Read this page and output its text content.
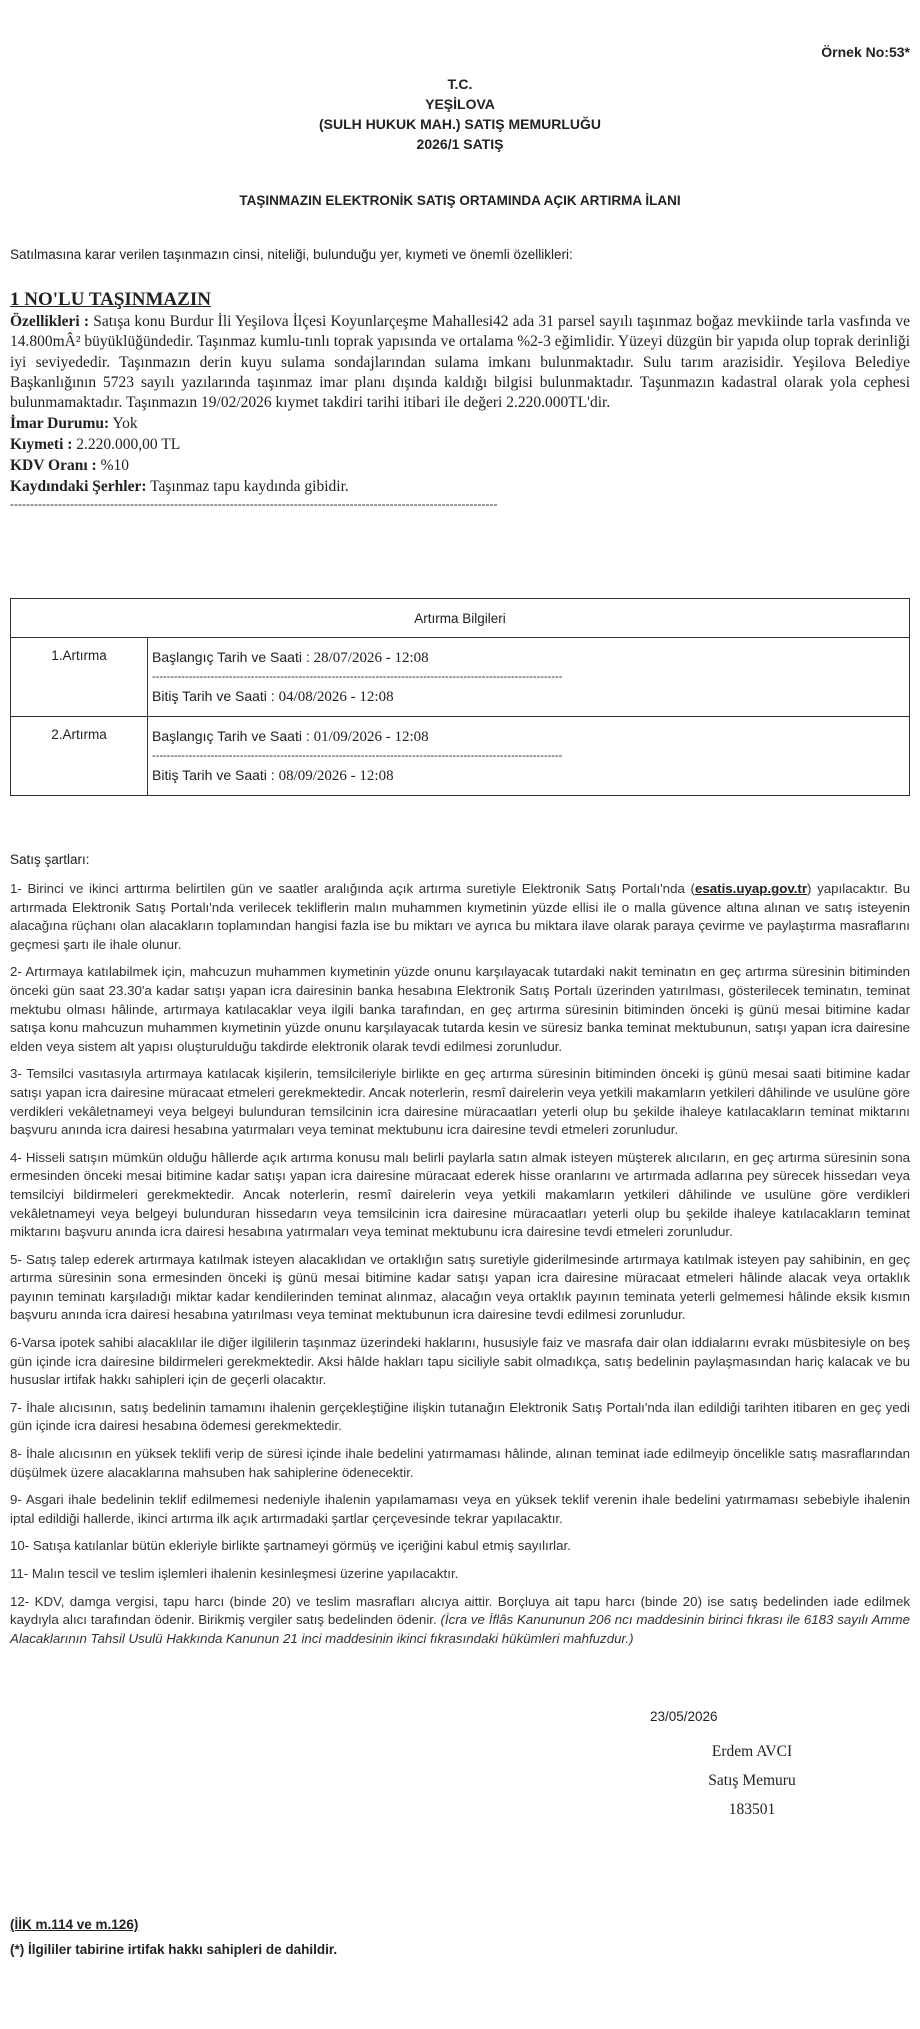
Örnek No:53*
T.C.
YEŞİLOVA
(SULH HUKUK MAH.) SATIŞ MEMURLUĞU
2026/1 SATIŞ
TAŞINMAZIN ELEKTRONİK SATIŞ ORTAMINDA AÇIK ARTIRMA İLANI
Satılmasına karar verilen taşınmazın cinsi, niteliği, bulunduğu yer, kıymeti ve önemli özellikleri:
1 NO'LU TAŞINMAZIN
Özellikleri : Satışa konu Burdur İli Yeşilova İlçesi Koyunlarçeşme Mahallesi42 ada 31 parsel sayılı taşınmaz boğaz mevkiinde tarla vasfında ve 14.800mÂ² büyüklüğündedir. Taşınmaz kumlu-tınlı toprak yapısında ve ortalama %2-3 eğimlidir. Yüzeyi düzgün bir yapıda olup toprak derinliği iyi seviyededir. Taşınmazın derin kuyu sulama sondajlarından sulama imkanı bulunmaktadır. Sulu tarım arazisidir. Yeşilova Belediye Başkanlığının 5723 sayılı yazılarında taşınmaz imar planı dışında kaldığı bilgisi bulunmaktadır. Taşunmazın kadastral olarak yola cephesi bulunmamaktadır. Taşınmazın 19/02/2026 kıymet takdiri tarihi itibari ile değeri 2.220.000TL'dir.
İmar Durumu: Yok
Kıymeti : 2.220.000,00 TL
KDV Oranı : %10
Kaydındaki Şerhler: Taşınmaz tapu kaydında gibidir.
--------------------------------------------------------------------------------------------------------------------------
Artırma Bilgileri	
1.Artırma	Başlangıç Tarih ve Saati : 28/07/2026 - 12:08
----------------------------------------------------------------------------------------------------------------
Bitiş Tarih ve Saati : 04/08/2026 - 12:08

2.Artırma	Başlangıç Tarih ve Saati : 01/09/2026 - 12:08
----------------------------------------------------------------------------------------------------------------
Bitiş Tarih ve Saati : 08/09/2026 - 12:08
Satış şartları:

1- Birinci ve ikinci arttırma belirtilen gün ve saatler aralığında açık artırma suretiyle Elektronik Satış Portalı'nda (esatis.uyap.gov.tr) yapılacaktır. Bu artırmada Elektronik Satış Portalı'nda verilecek tekliflerin malın muhammen kıymetinin yüzde ellisi ile o malla güvence altına alınan ve satış isteyenin alacağına rüçhanı olan alacakların toplamından hangisi fazla ise bu miktarı ve ayrıca bu miktara ilave olarak paraya çevirme ve paylaştırma masraflarını geçmesi şartı ile ihale olunur.

2- Artırmaya katılabilmek için, mahcuzun muhammen kıymetinin yüzde onunu karşılayacak tutardaki nakit teminatın en geç artırma süresinin bitiminden önceki gün saat 23.30'a kadar satışı yapan icra dairesinin banka hesabına Elektronik Satış Portalı üzerinden yatırılması, gösterilecek teminatın, teminat mektubu olması hâlinde, artırmaya katılacaklar veya ilgili banka tarafından, en geç artırma süresinin bitiminden önceki iş günü mesai bitimine kadar satışa konu mahcuzun muhammen kıymetinin yüzde onunu karşılayacak tutarda kesin ve süresiz banka teminat mektubunun, satışı yapan icra dairesine elden veya sistem alt yapısı oluşturulduğu takdirde elektronik olarak tevdi edilmesi zorunludur.

3- Temsilci vasıtasıyla artırmaya katılacak kişilerin, temsilcileriyle birlikte en geç artırma süresinin bitiminden önceki iş günü mesai saati bitimine kadar satışı yapan icra dairesine müracaat etmeleri gerekmektedir. Ancak noterlerin, resmî dairelerin veya yetkili makamların yetkileri dâhilinde ve usulüne göre verdikleri vekâletnameyi veya belgeyi bulunduran temsilcinin icra dairesine müracaatları yeterli olup bu şekilde ihaleye katılacakların teminat miktarını başvuru anında icra dairesi hesabına yatırmaları veya teminat mektubunu icra dairesine tevdi etmeleri zorunludur.

4- Hisseli satışın mümkün olduğu hâllerde açık artırma konusu malı belirli paylarla satın almak isteyen müşterek alıcıların, en geç artırma süresinin sona ermesinden önceki mesai bitimine kadar satışı yapan icra dairesine müracaat ederek hisse oranlarını ve artırmada adlarına pey sürecek hissedarı veya temsilciyi bildirmeleri gerekmektedir. Ancak noterlerin, resmî dairelerin veya yetkili makamların yetkileri dâhilinde ve usulüne göre verdikleri vekâletnameyi veya belgeyi bulunduran hissedarın veya temsilcinin icra dairesine müracaatları yeterli olup bu şekilde ihaleye katılacakların teminat miktarını başvuru anında icra dairesi hesabına yatırmaları veya teminat mektubunu icra dairesine tevdi etmeleri zorunludur.

5- Satış talep ederek artırmaya katılmak isteyen alacaklıdan ve ortaklığın satış suretiyle giderilmesinde artırmaya katılmak isteyen pay sahibinin, en geç artırma süresinin sona ermesinden önceki iş günü mesai bitimine kadar satışı yapan icra dairesine müracaat etmeleri hâlinde alacak veya ortaklık payının teminatı karşıladığı miktar kadar kendilerinden teminat alınmaz, alacağın veya ortaklık payının teminata yeterli gelmemesi hâlinde eksik kısmın başvuru anında icra dairesi hesabına yatırılması veya teminat mektubunun icra dairesine tevdi edilmesi zorunludur.

6-Varsa ipotek sahibi alacaklılar ile diğer ilgililerin taşınmaz üzerindeki haklarını, hususiyle faiz ve masrafa dair olan iddialarını evrakı müsbitesiyle on beş gün içinde icra dairesine bildirmeleri gerekmektedir. Aksi hâlde hakları tapu siciliyle sabit olmadıkça, satış bedelinin paylaşmasından hariç kalacak ve bu hususlar irtifak hakkı sahipleri için de geçerli olacaktır.

7- İhale alıcısının, satış bedelinin tamamını ihalenin gerçekleştiğine ilişkin tutanağın Elektronik Satış Portalı'nda ilan edildiği tarihten itibaren en geç yedi gün içinde icra dairesi hesabına ödemesi gerekmektedir.

8- İhale alıcısının en yüksek teklifi verip de süresi içinde ihale bedelini yatırmaması hâlinde, alınan teminat iade edilmeyip öncelikle satış masraflarından düşülmek üzere alacaklarına mahsuben hak sahiplerine ödenecektir.

9- Asgari ihale bedelinin teklif edilmemesi nedeniyle ihalenin yapılamaması veya en yüksek teklif verenin ihale bedelini yatırmaması sebebiyle ihalenin iptal edildiği hallerde, ikinci artırma ilk açık artırmadaki şartlar çerçevesinde tekrar yapılacaktır.

10- Satışa katılanlar bütün ekleriyle birlikte şartnameyi görmüş ve içeriğini kabul etmiş sayılırlar.

11- Malın tescil ve teslim işlemleri ihalenin kesinleşmesi üzerine yapılacaktır.

12- KDV, damga vergisi, tapu harcı (binde 20) ve teslim masrafları alıcıya aittir. Borçluya ait tapu harcı (binde 20) ise satış bedelinden iade edilmek kaydıyla alıcı tarafından ödenir. Birikmiş vergiler satış bedelinden ödenir. (İcra ve İflâs Kanununun 206 ncı maddesinin birinci fıkrası ile 6183 sayılı Amme Alacaklarının Tahsil Usulü Hakkında Kanunun 21 inci maddesinin ikinci fıkrasındaki hükümleri mahfuzdur.)

23/05/2026
Erdem AVCI
Satış Memuru
183501
(İİK m.114 ve m.126)
(*) İlgililer tabirine irtifak hakkı sahipleri de dahildir.
